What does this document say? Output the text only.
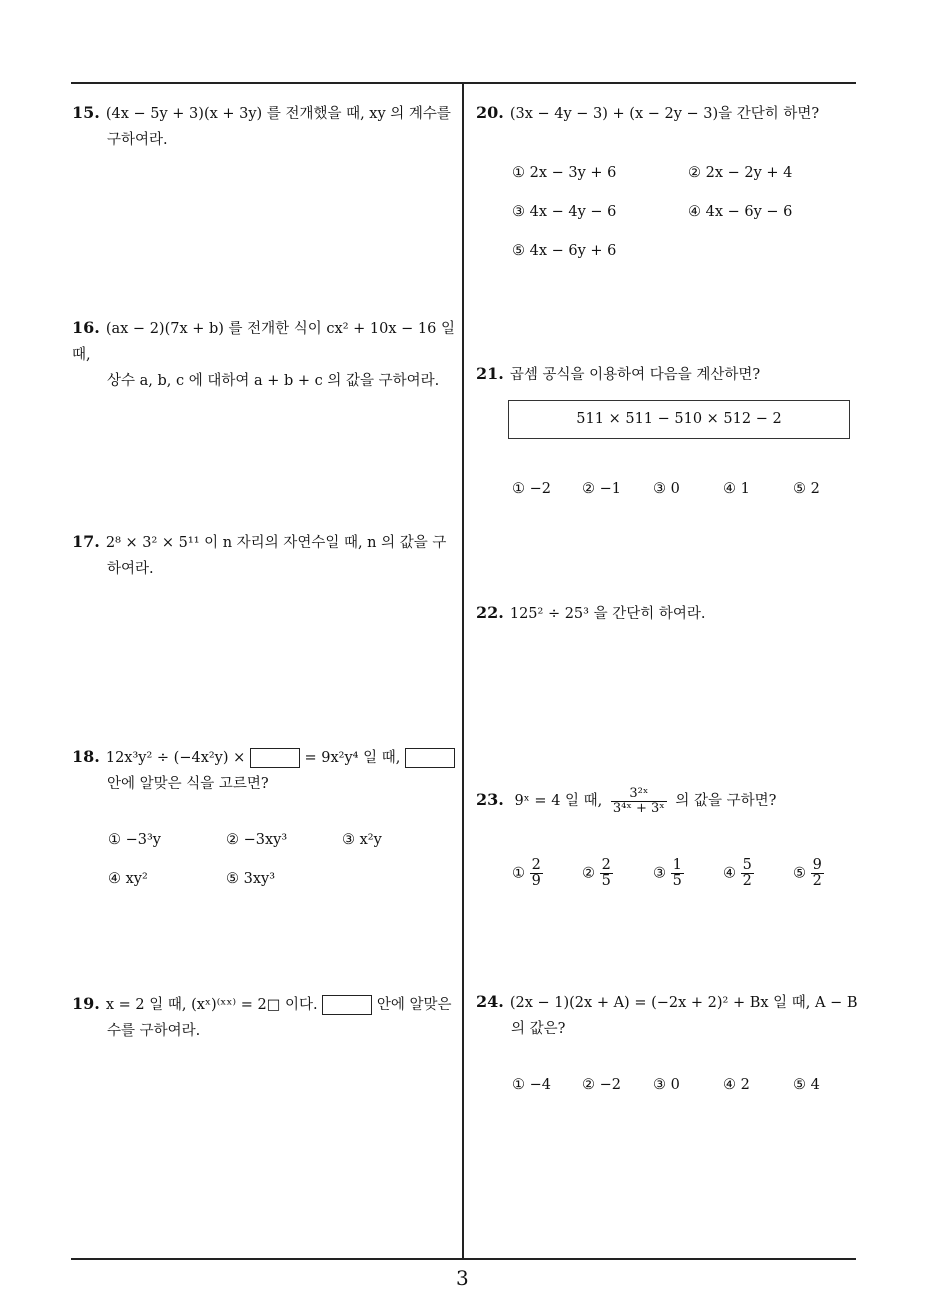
15. (4x − 5y + 3)(x + 3y) 를 전개했을 때, xy 의 계수를
구하여라.
16. (ax − 2)(7x + b) 를 전개한 식이 cx² + 10x − 16 일 때,
상수 a, b, c 에 대하여 a + b + c 의 값을 구하여라.
17. 2⁸ × 3² × 5¹¹ 이 n 자리의 자연수일 때, n 의 값을 구
하여라.
18. 12x³y² ÷ (−4x²y) ×	= 9x²y⁴ 일 때,
안에 알맞은 식을 고르면?
① −3³y	② −3xy³	③ x²y
④ xy²	⑤ 3xy³
19. x = 2 일 때, (xˣ)⁽ˣˣ⁾ = 2□ 이다.	안에 알맞은
수를 구하여라.
20. (3x − 4y − 3) + (x − 2y − 3)을 간단히 하면?
① 2x − 3y + 6	② 2x − 2y + 4
③ 4x − 4y − 6	④ 4x − 6y − 6
⑤ 4x − 6y + 6
21. 곱셈 공식을 이용하여 다음을 계산하면?
511 × 511 − 510 × 512 − 2
① −2 ② −1 ③ 0	④ 1	⑤ 2
22. 125² ÷ 25³ 을 간단히 하여라.
23. 9ˣ = 4 일 때, $\frac{\text{3²ˣ}}{\text{3⁴ˣ + 3ˣ}}$ 의 값을 구하면?
① $\frac{2}{9}$	② $\frac{2}{5}$	③ $\frac{1}{5}$	④ $\frac{5}{2}$	⑤ $\frac{9}{2}$
24. (2x − 1)(2x + A) = (−2x + 2)² + Bx 일 때, A − B
의 값은?
① −4 ② −2 ③ 0	④ 2	⑤ 4
3
